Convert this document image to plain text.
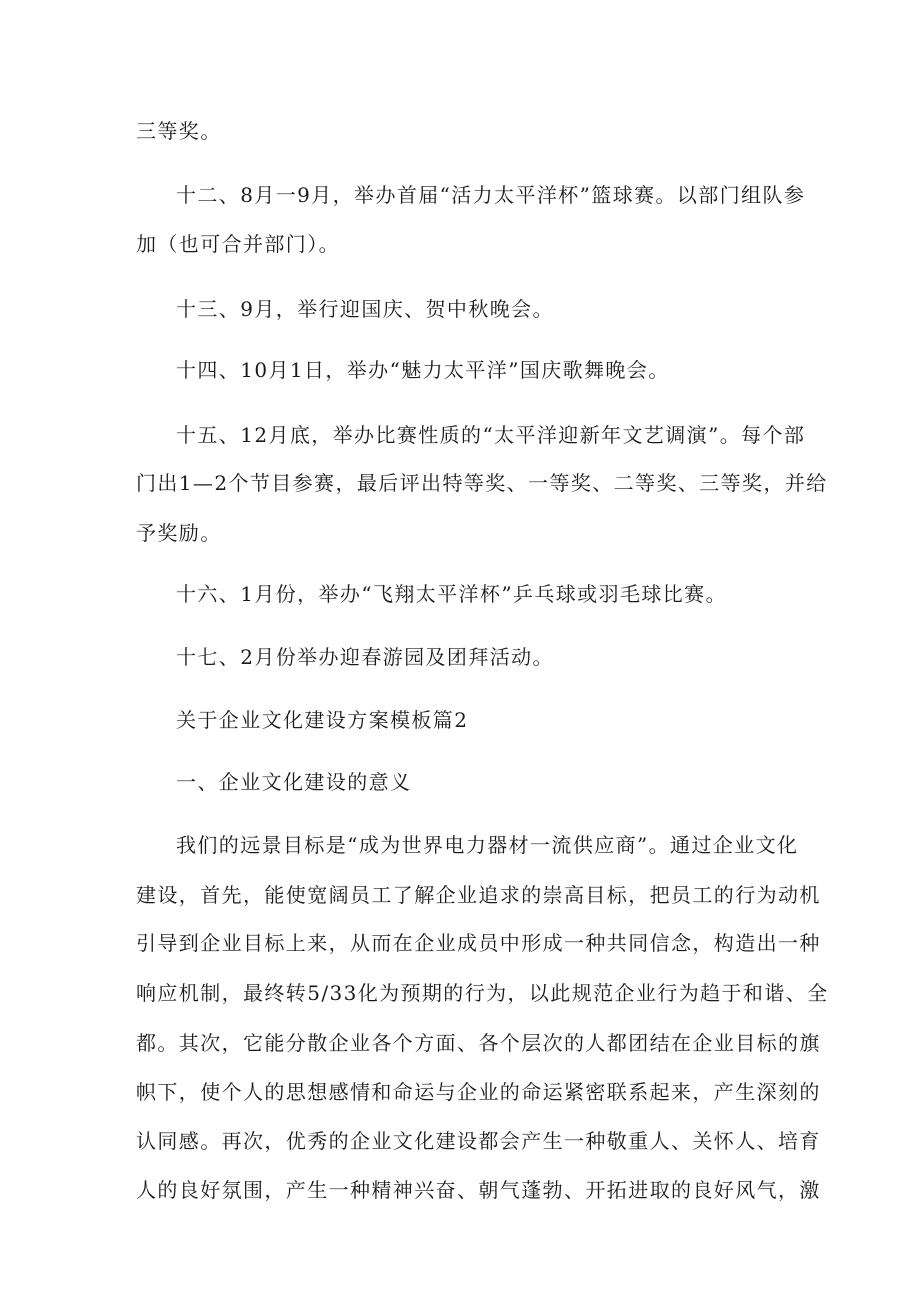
三等奖。
十二、8月一9月，举办首届“活力太平洋杯”篮球赛。以部门组队参
加（也可合并部门）。
十三、9月，举行迎国庆、贺中秋晚会。
十四、10月1日，举办“魅力太平洋”国庆歌舞晚会。
十五、12月底，举办比赛性质的“太平洋迎新年文艺调演”。每个部
门出1—2个节目参赛，最后评出特等奖、一等奖、二等奖、三等奖，并给
予奖励。
十六、1月份，举办“飞翔太平洋杯”乒乓球或羽毛球比赛。
十七、2月份举办迎春游园及团拜活动。
关于企业文化建设方案模板篇2
一、企业文化建设的意义
我们的远景目标是“成为世界电力器材一流供应商”。通过企业文化
建设，首先，能使宽阔员工了解企业追求的崇高目标，把员工的行为动机
引导到企业目标上来，从而在企业成员中形成一种共同信念，构造出一种
响应机制，最终转5/33化为预期的行为，以此规范企业行为趋于和谐、全
都。其次，它能分散企业各个方面、各个层次的人都团结在企业目标的旗
帜下，使个人的思想感情和命运与企业的命运紧密联系起来，产生深刻的
认同感。再次，优秀的企业文化建设都会产生一种敬重人、关怀人、培育
人的良好氛围，产生一种精神兴奋、朝气蓬勃、开拓进取的良好风气，激
